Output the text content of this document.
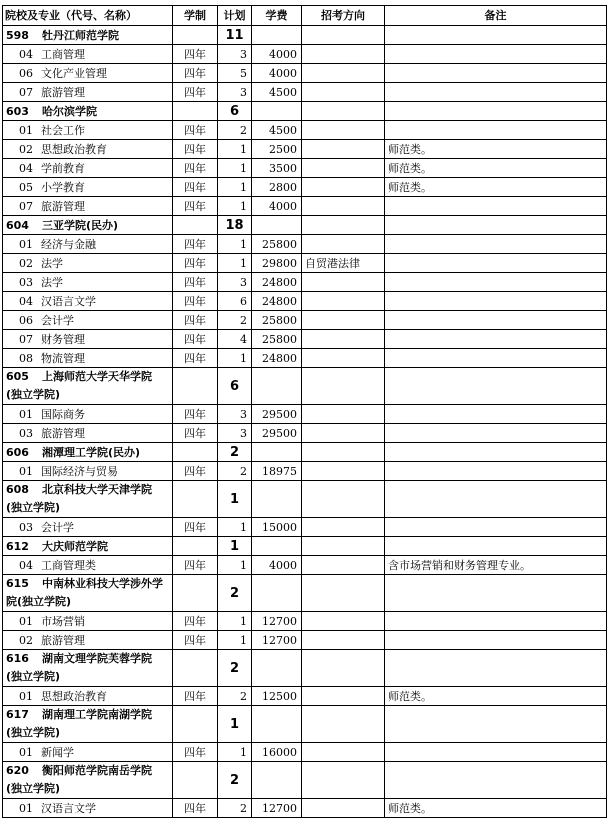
院校及专业（代号、名称）	学制	计划	学费	招考方向	备注
598 牡丹江师范学院		11			
04 工商管理	四年	3	4000		
06 文化产业管理	四年	5	4000		
07 旅游管理	四年	3	4500		
603 哈尔滨学院		6			
01 社会工作	四年	2	4500		
02 思想政治教育	四年	1	2500		师范类。
04 学前教育	四年	1	3500		师范类。
05 小学教育	四年	1	2800		师范类。
07 旅游管理	四年	1	4000		
604 三亚学院(民办)		18			
01 经济与金融	四年	1	25800		
02 法学	四年	1	29800	自贸港法律	
03 法学	四年	3	24800		
04 汉语言文学	四年	6	24800		
06 会计学	四年	2	25800		
07 财务管理	四年	4	25800		
08 物流管理	四年	1	24800		
605 上海师范大学天华学院
(独立学院)		6			
01 国际商务	四年	3	29500		
03 旅游管理	四年	3	29500		
606 湘潭理工学院(民办)		2			
01 国际经济与贸易	四年	2	18975		
608 北京科技大学天津学院
(独立学院)		1			
03 会计学	四年	1	15000		
612 大庆师范学院		1			
04 工商管理类	四年	1	4000		含市场营销和财务管理专业。
615 中南林业科技大学涉外学
院(独立学院)		2			
01 市场营销	四年	1	12700		
02 旅游管理	四年	1	12700		
616 湖南文理学院芙蓉学院
(独立学院)		2			
01 思想政治教育	四年	2	12500		师范类。
617 湖南理工学院南湖学院
(独立学院)		1			
01 新闻学	四年	1	16000		
620 衡阳师范学院南岳学院
(独立学院)		2			
01 汉语言文学	四年	2	12700		师范类。
